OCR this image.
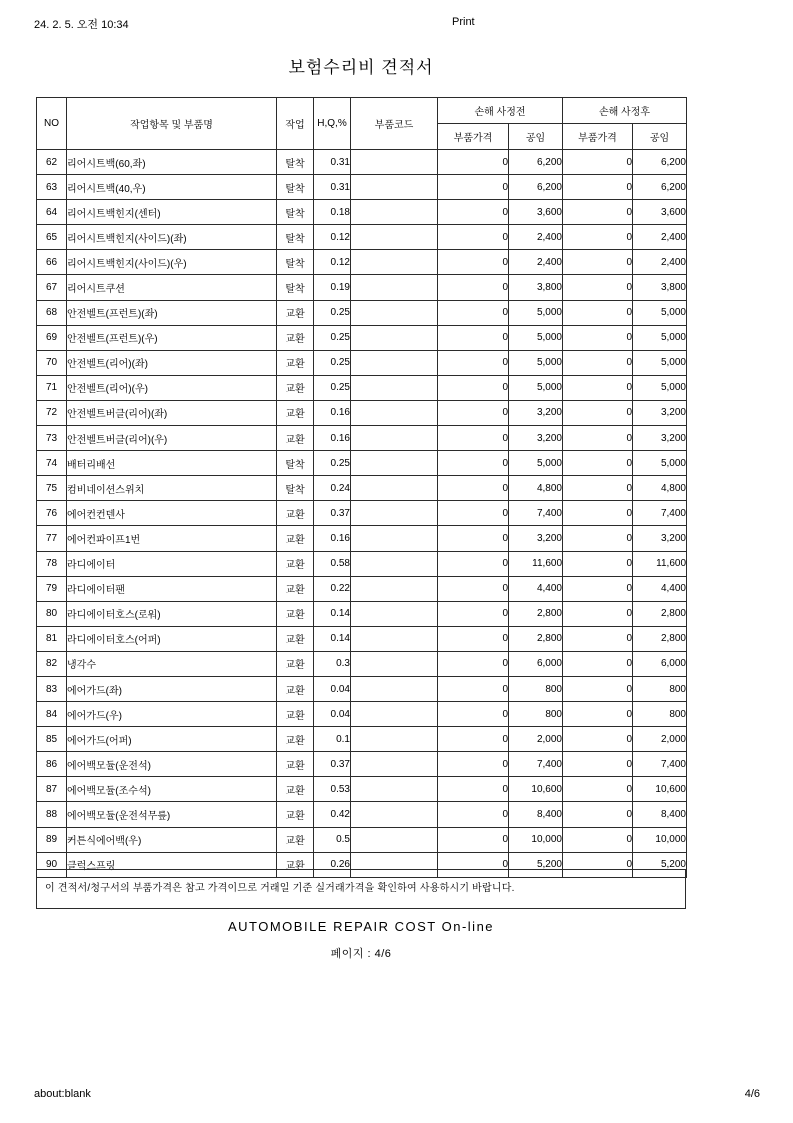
24. 2. 5. 오전 10:34	Print
보험수리비 견적서
NO	작업항목 및 부품명	작업	H,Q,%	부품코드	손해 사정전		손해 사정후	
					부품가격	공임	부품가격	공임
62	리어시트백(60,좌)	탈착	0.31		0	6,200	0	6,200
63	리어시트백(40,우)	탈착	0.31		0	6,200	0	6,200
64	리어시트백힌지(센터)	탈착	0.18		0	3,600	0	3,600
65	리어시트백힌지(사이드)(좌)	탈착	0.12		0	2,400	0	2,400
66	리어시트백힌지(사이드)(우)	탈착	0.12		0	2,400	0	2,400
67	리어시트쿠션	탈착	0.19		0	3,800	0	3,800
68	안전벨트(프런트)(좌)	교환	0.25		0	5,000	0	5,000
69	안전벨트(프런트)(우)	교환	0.25		0	5,000	0	5,000
70	안전벨트(리어)(좌)	교환	0.25		0	5,000	0	5,000
71	안전벨트(리어)(우)	교환	0.25		0	5,000	0	5,000
72	안전벨트버클(리어)(좌)	교환	0.16		0	3,200	0	3,200
73	안전벨트버클(리어)(우)	교환	0.16		0	3,200	0	3,200
74	배터리배선	탈착	0.25		0	5,000	0	5,000
75	컴비네이션스위치	탈착	0.24		0	4,800	0	4,800
76	에어컨컨덴사	교환	0.37		0	7,400	0	7,400
77	에어컨파이프1번	교환	0.16		0	3,200	0	3,200
78	라디에이터	교환	0.58		0	11,600	0	11,600
79	라디에이터팬	교환	0.22		0	4,400	0	4,400
80	라디에이터호스(로워)	교환	0.14		0	2,800	0	2,800
81	라디에이터호스(어퍼)	교환	0.14		0	2,800	0	2,800
82	냉각수	교환	0.3		0	6,000	0	6,000
83	에어가드(좌)	교환	0.04		0	800	0	800
84	에어가드(우)	교환	0.04		0	800	0	800
85	에어가드(어퍼)	교환	0.1		0	2,000	0	2,000
86	에어백모듈(운전석)	교환	0.37		0	7,400	0	7,400
87	에어백모듈(조수석)	교환	0.53		0	10,600	0	10,600
88	에어백모듈(운전석무릎)	교환	0.42		0	8,400	0	8,400
89	커튼식에어백(우)	교환	0.5		0	10,000	0	10,000
90	클럭스프링	교환	0.26		0	5,200	0	5,200
이 견적서/청구서의 부품가격은 참고 가격이므로 거래일 기준 실거래가격을 확인하여 사용하시기 바랍니다.
AUTOMOBILE REPAIR COST On-line
페이지 : 4/6
about:blank	4/6
